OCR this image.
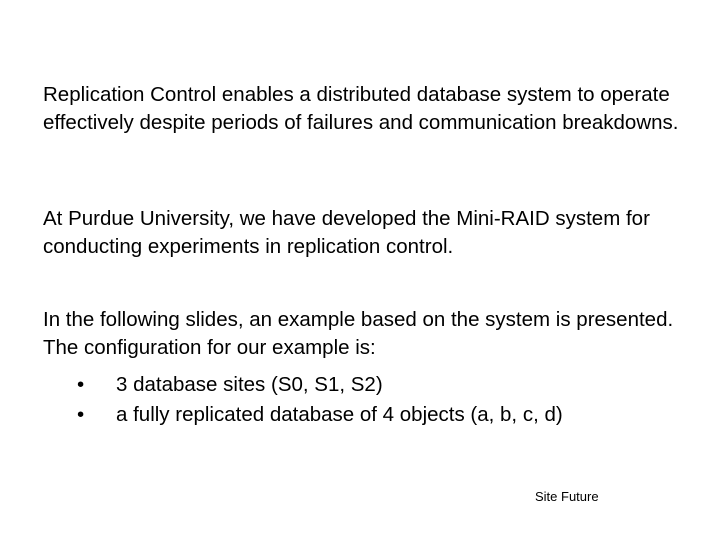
Replication Control enables a distributed database system to operate effectively despite periods of failures and communication breakdowns.

At Purdue University, we have developed the Mini-RAID system for conducting experiments in replication control.

In the following slides, an example based on the system is presented. The configuration for our example is:

• 3 database sites (S0, S1, S2)
• a fully replicated database of 4 objects (a, b, c, d)
Site Future
